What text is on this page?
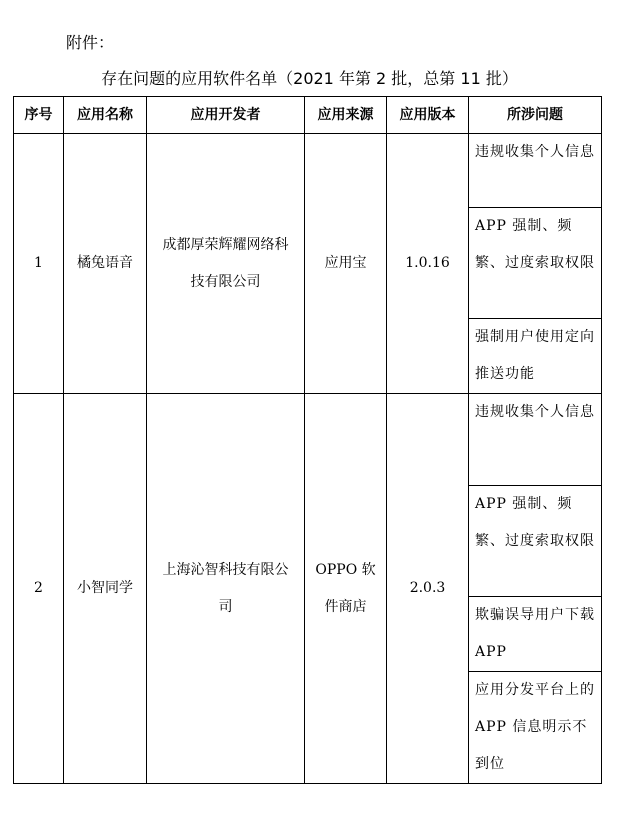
附件：
存在问题的应用软件名单（2021 年第 2 批，总第 11 批）
序号	应用名称	应用开发者	应用来源	应用版本	所涉问题
1	橘兔语音	成都厚荣辉耀网络科技有限公司	应用宝	1.0.16	违规收集个人信息
					APP 强制、频繁、过度索取权限
					强制用户使用定向推送功能
2	小智同学	上海沁智科技有限公司	OPPO 软件商店	2.0.3	违规收集个人信息
					APP 强制、频繁、过度索取权限
					欺骗误导用户下载 APP
					应用分发平台上的 APP 信息明示不到位
